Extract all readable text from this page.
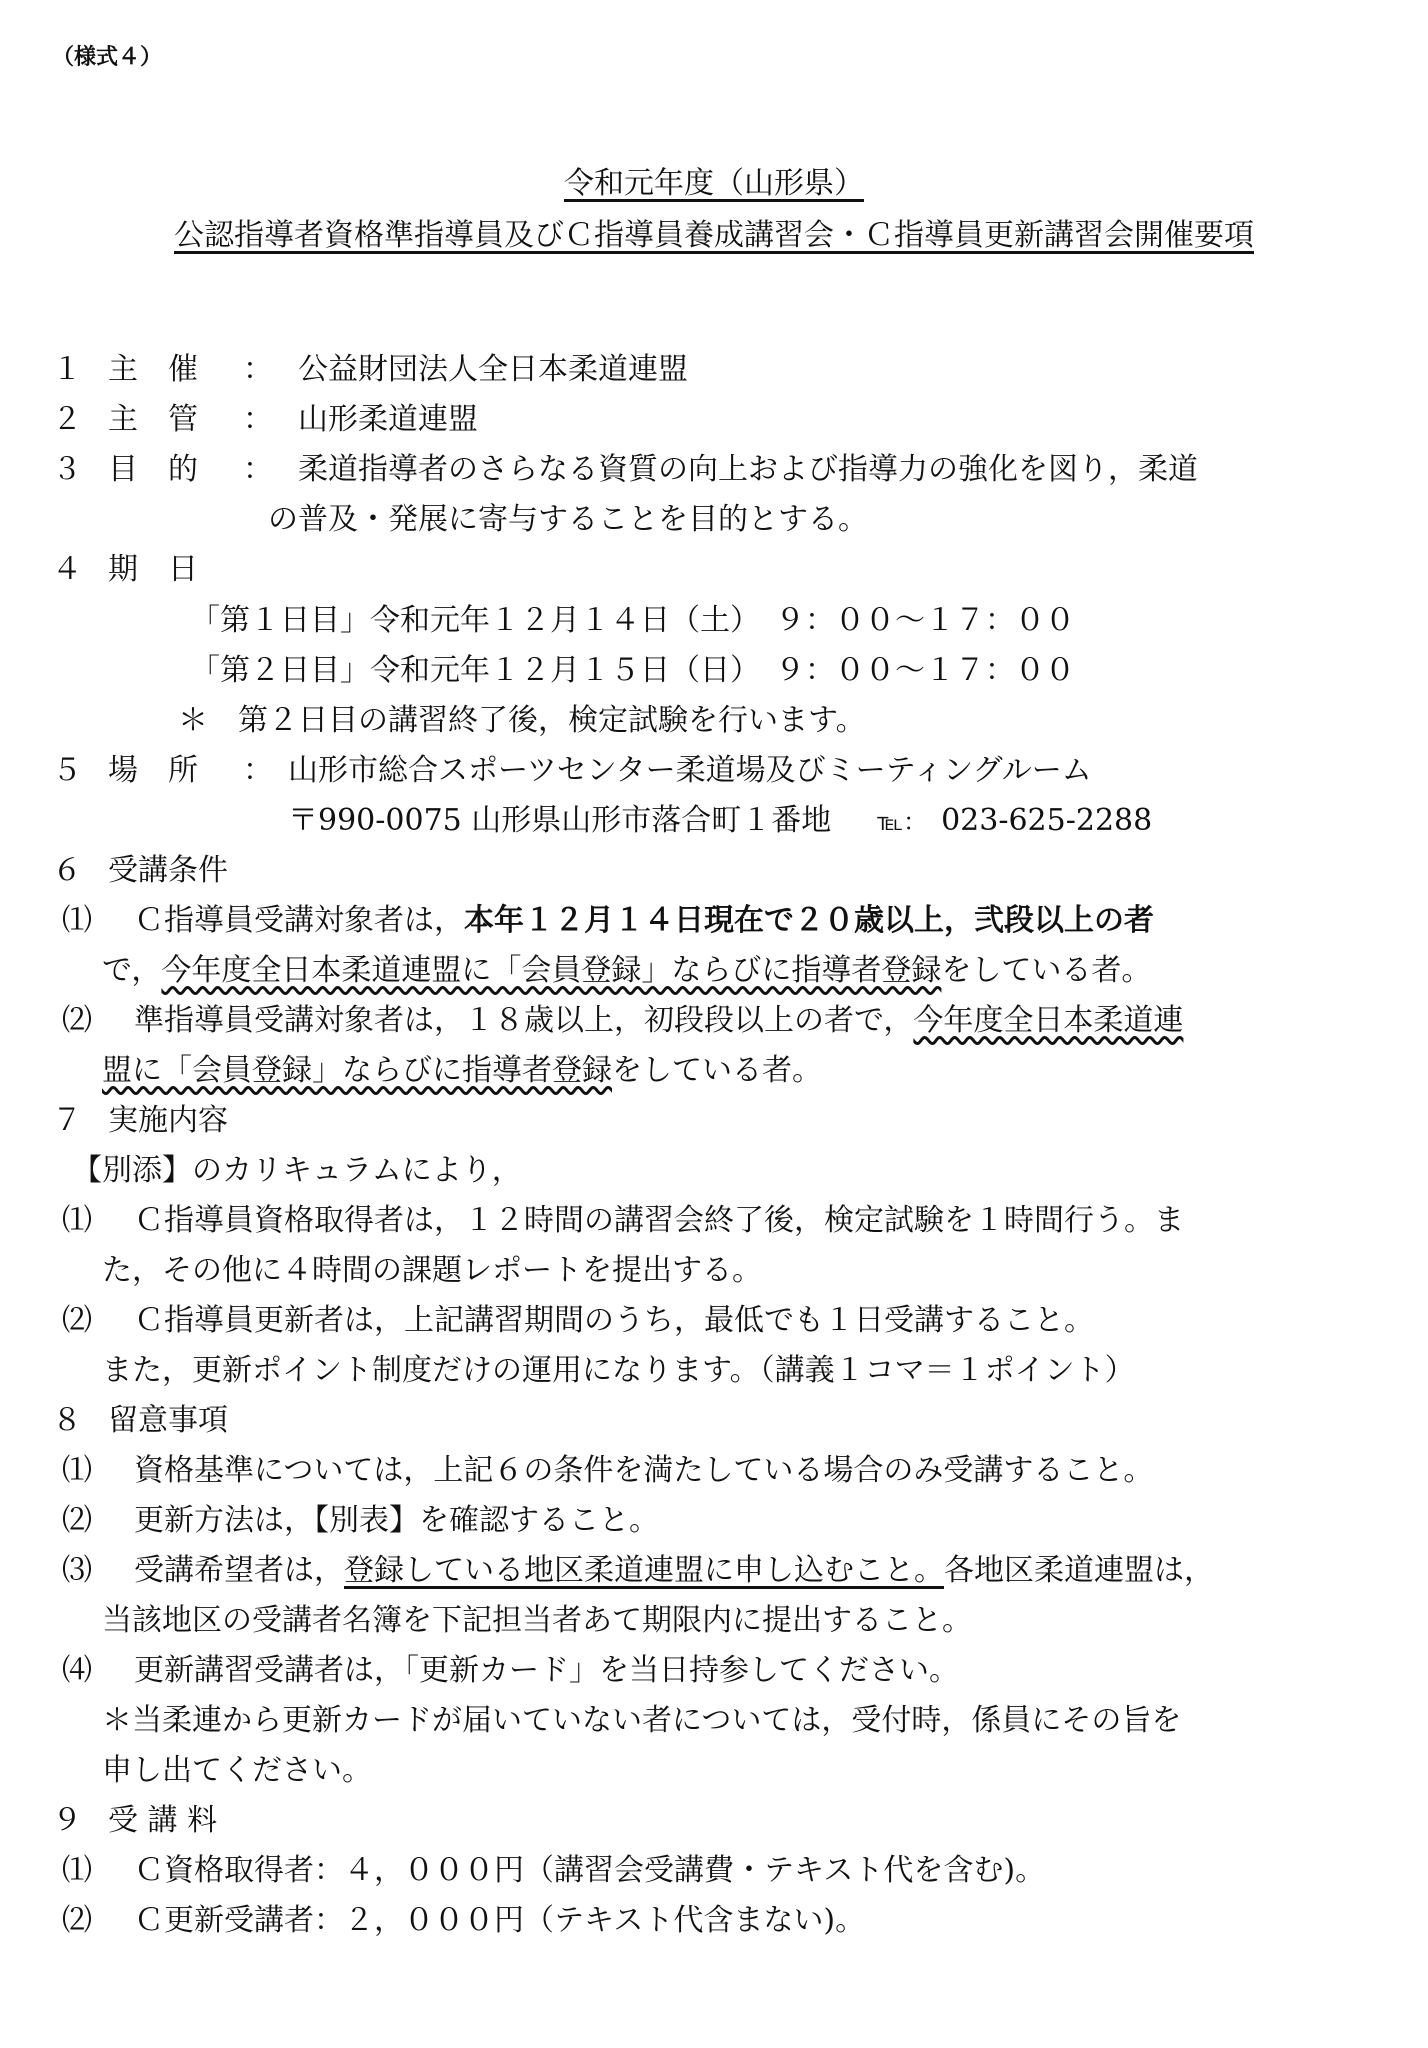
（様式４）
令和元年度（山形県）
公認指導者資格準指導員及びＣ指導員養成講習会・Ｃ指導員更新講習会開催要項
１ 主　催 ： 公益財団法人全日本柔道連盟
２ 主　管 ： 山形柔道連盟
３ 目　的 ： 柔道指導者のさらなる資質の向上および指導力の強化を図り，柔道
の普及・発展に寄与することを目的とする。
４ 期　日
「第１日目」令和元年１２月１４日（土）　９：００～１７：００
「第２日目」令和元年１２月１５日（日）　９：００～１７：００
＊　第２日目の講習終了後，検定試験を行います。
５ 場　所 ： 山形市総合スポーツセンター柔道場及びミーティングルーム
〒990-0075 山形県山形市落合町１番地 ℡： 023-625-2288
６ 受講条件
⑴ Ｃ指導員受講対象者は，本年１２月１４日現在で２０歳以上，弐段以上の者
で，今年度全日本柔道連盟に「会員登録」ならびに指導者登録をしている者。
⑵ 準指導員受講対象者は，１８歳以上，初段段以上の者で，今年度全日本柔道連
盟に「会員登録」ならびに指導者登録をしている者。
７ 実施内容
【別添】のカリキュラムにより，
⑴ Ｃ指導員資格取得者は，１２時間の講習会終了後，検定試験を１時間行う。ま
た，その他に４時間の課題レポートを提出する。
⑵ Ｃ指導員更新者は，上記講習期間のうち，最低でも１日受講すること。
また，更新ポイント制度だけの運用になります。（講義１コマ＝１ポイント）
８ 留意事項
⑴ 資格基準については，上記６の条件を満たしている場合のみ受講すること。
⑵ 更新方法は，【別表】を確認すること。
⑶ 受講希望者は，登録している地区柔道連盟に申し込むこと。各地区柔道連盟は，
当該地区の受講者名簿を下記担当者あて期限内に提出すること。
⑷ 更新講習受講者は，「更新カード」を当日持参してください。
＊当柔連から更新カードが届いていない者については，受付時，係員にその旨を
申し出てください。
９ 受 講 料
⑴ Ｃ資格取得者：４，０００円（講習会受講費・テキスト代を含む)。
⑵ Ｃ更新受講者：２，０００円（テキスト代含まない)。
